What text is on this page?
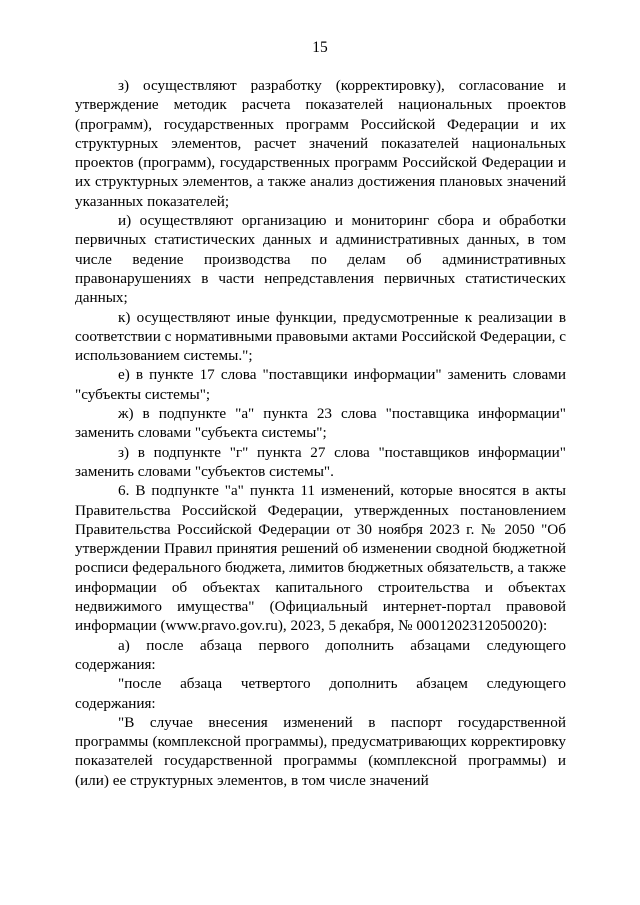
15

з) осуществляют разработку (корректировку), согласование и утверждение методик расчета показателей национальных проектов (программ), государственных программ Российской Федерации и их структурных элементов, расчет значений показателей национальных проектов (программ), государственных программ Российской Федерации и их структурных элементов, а также анализ достижения плановых значений указанных показателей;

и) осуществляют организацию и мониторинг сбора и обработки первичных статистических данных и административных данных, в том числе ведение производства по делам об административных правонарушениях в части непредставления первичных статистических данных;

к) осуществляют иные функции, предусмотренные к реализации в соответствии с нормативными правовыми актами Российской Федерации, с использованием системы.";

е) в пункте 17 слова "поставщики информации" заменить словами "субъекты системы";

ж) в подпункте "а" пункта 23 слова "поставщика информации" заменить словами "субъекта системы";

з) в подпункте "г" пункта 27 слова "поставщиков информации" заменить словами "субъектов системы".

6. В подпункте "а" пункта 11 изменений, которые вносятся в акты Правительства Российской Федерации, утвержденных постановлением Правительства Российской Федерации от 30 ноября 2023 г. № 2050 "Об утверждении Правил принятия решений об изменении сводной бюджетной росписи федерального бюджета, лимитов бюджетных обязательств, а также информации об объектах капитального строительства и объектах недвижимого имущества" (Официальный интернет-портал правовой информации (www.pravo.gov.ru), 2023, 5 декабря, № 0001202312050020):

а) после абзаца первого дополнить абзацами следующего содержания:

"после абзаца четвертого дополнить абзацем следующего содержания:

"В случае внесения изменений в паспорт государственной программы (комплексной программы), предусматривающих корректировку показателей государственной программы (комплексной программы) и (или) ее структурных элементов, в том числе значений
